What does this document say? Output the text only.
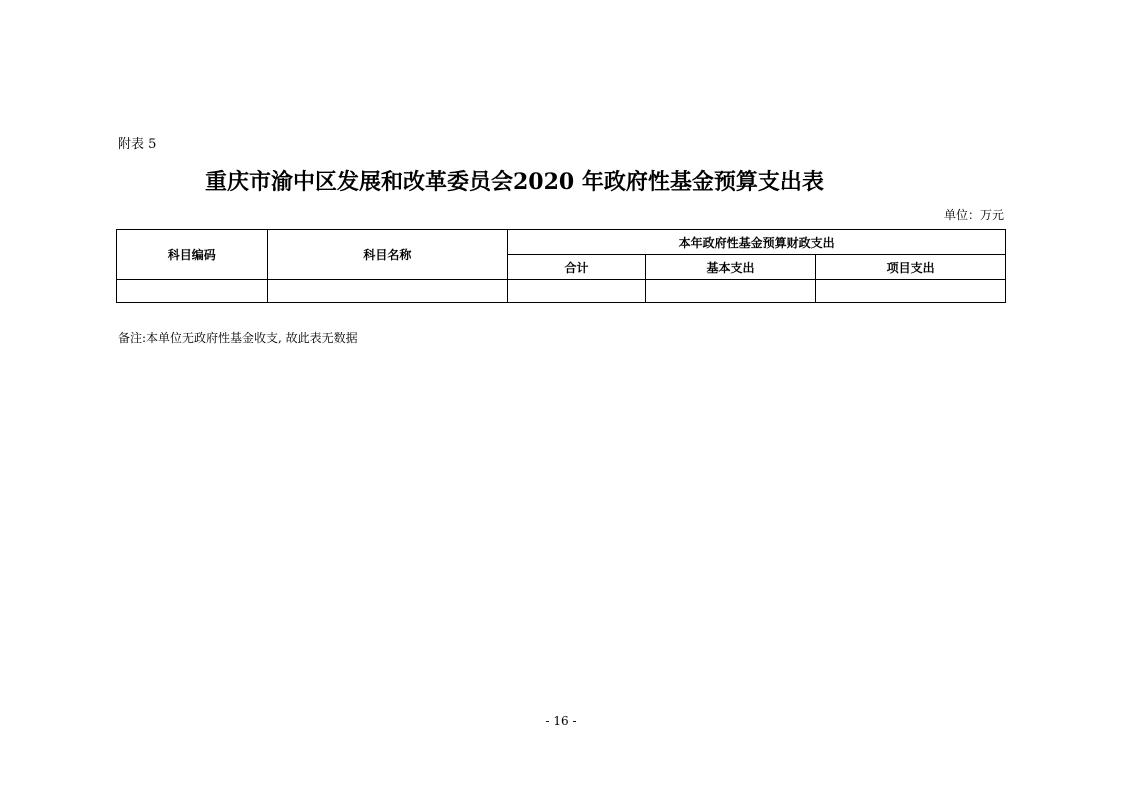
附表 5
重庆市渝中区发展和改革委员会2020 年政府性基金预算支出表
单位：万元
科目编码	科目名称	本年政府性基金预算财政支出		
		合计	基本支出	项目支出

备注:本单位无政府性基金收支, 故此表无数据
- 16 -
